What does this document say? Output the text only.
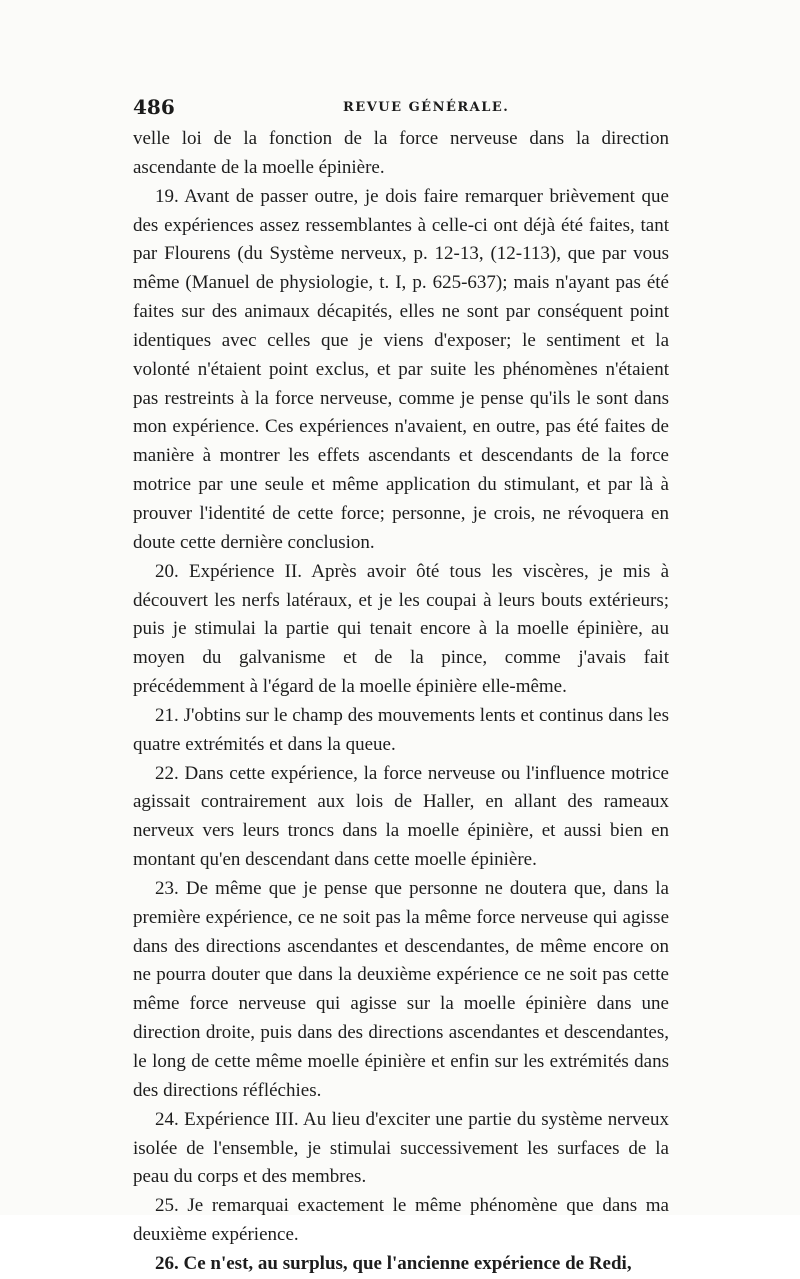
486	REVUE GÉNÉRALE.

velle loi de la fonction de la force nerveuse dans la direction ascendante de la moelle épinière.

19. Avant de passer outre, je dois faire remarquer brièvement que des expériences assez ressemblantes à celle-ci ont déjà été faites, tant par Flourens (du Système nerveux, p. 12-13, (12-113), que par vous même (Manuel de physiologie, t. I, p. 625-637); mais n'ayant pas été faites sur des animaux décapités, elles ne sont par conséquent point identiques avec celles que je viens d'exposer; le sentiment et la volonté n'étaient point exclus, et par suite les phénomènes n'étaient pas restreints à la force nerveuse, comme je pense qu'ils le sont dans mon expérience. Ces expériences n'avaient, en outre, pas été faites de manière à montrer les effets ascendants et descendants de la force motrice par une seule et même application du stimulant, et par là à prouver l'identité de cette force; personne, je crois, ne révoquera en doute cette dernière conclusion.

20. Expérience II. Après avoir ôté tous les viscères, je mis à découvert les nerfs latéraux, et je les coupai à leurs bouts extérieurs; puis je stimulai la partie qui tenait encore à la moelle épinière, au moyen du galvanisme et de la pince, comme j'avais fait précédemment à l'égard de la moelle épinière elle-même.

21. J'obtins sur le champ des mouvements lents et continus dans les quatre extrémités et dans la queue.

22. Dans cette expérience, la force nerveuse ou l'influence motrice agissait contrairement aux lois de Haller, en allant des rameaux nerveux vers leurs troncs dans la moelle épinière, et aussi bien en montant qu'en descendant dans cette moelle épinière.

23. De même que je pense que personne ne doutera que, dans la première expérience, ce ne soit pas la même force nerveuse qui agisse dans des directions ascendantes et descendantes, de même encore on ne pourra douter que dans la deuxième expérience ce ne soit pas cette même force nerveuse qui agisse sur la moelle épinière dans une direction droite, puis dans des directions ascendantes et descendantes, le long de cette même moelle épinière et enfin sur les extrémités dans des directions réfléchies.

24. Expérience III. Au lieu d'exciter une partie du système nerveux isolée de l'ensemble, je stimulai successivement les surfaces de la peau du corps et des membres.

25. Je remarquai exactement le même phénomène que dans ma deuxième expérience.

26. Ce n'est, au surplus, que l'ancienne expérience de Redi,
